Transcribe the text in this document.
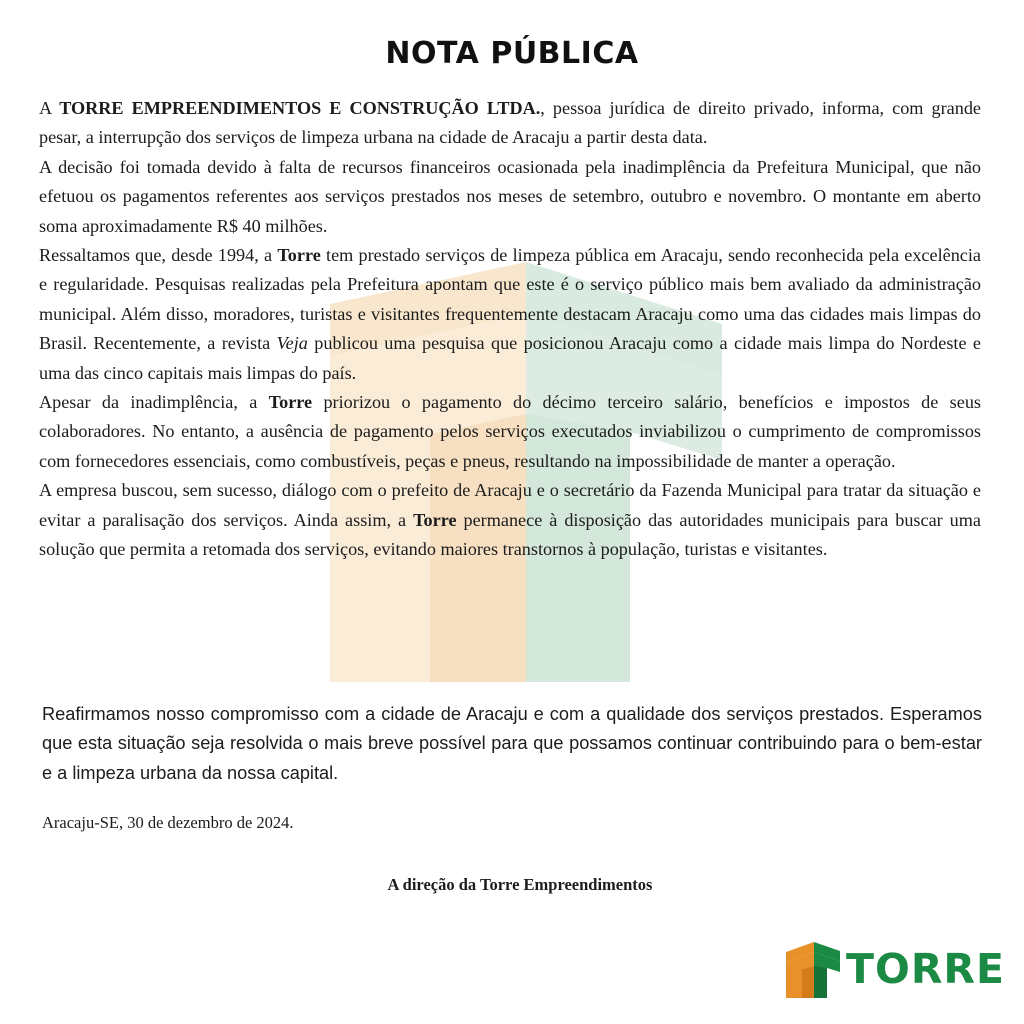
NOTA PÚBLICA

A TORRE EMPREENDIMENTOS E CONSTRUÇÃO LTDA., pessoa jurídica de direito privado, informa, com grande pesar, a interrupção dos serviços de limpeza urbana na cidade de Aracaju a partir desta data.

A decisão foi tomada devido à falta de recursos financeiros ocasionada pela inadimplência da Prefeitura Municipal, que não efetuou os pagamentos referentes aos serviços prestados nos meses de setembro, outubro e novembro. O montante em aberto soma aproximadamente R$ 40 milhões.

Ressaltamos que, desde 1994, a Torre tem prestado serviços de limpeza pública em Aracaju, sendo reconhecida pela excelência e regularidade. Pesquisas realizadas pela Prefeitura apontam que este é o serviço público mais bem avaliado da administração municipal. Além disso, moradores, turistas e visitantes frequentemente destacam Aracaju como uma das cidades mais limpas do Brasil. Recentemente, a revista Veja publicou uma pesquisa que posicionou Aracaju como a cidade mais limpa do Nordeste e uma das cinco capitais mais limpas do país.

Apesar da inadimplência, a Torre priorizou o pagamento do décimo terceiro salário, benefícios e impostos de seus colaboradores. No entanto, a ausência de pagamento pelos serviços executados inviabilizou o cumprimento de compromissos com fornecedores essenciais, como combustíveis, peças e pneus, resultando na impossibilidade de manter a operação.

A empresa buscou, sem sucesso, diálogo com o prefeito de Aracaju e o secretário da Fazenda Municipal para tratar da situação e evitar a paralisação dos serviços. Ainda assim, a Torre permanece à disposição das autoridades municipais para buscar uma solução que permita a retomada dos serviços, evitando maiores transtornos à população, turistas e visitantes.

Reafirmamos nosso compromisso com a cidade de Aracaju e com a qualidade dos serviços prestados. Esperamos que esta situação seja resolvida o mais breve possível para que possamos continuar contribuindo para o bem-estar e a limpeza urbana da nossa capital.

Aracaju-SE, 30 de dezembro de 2024.

A direção da Torre Empreendimentos

TORRE
